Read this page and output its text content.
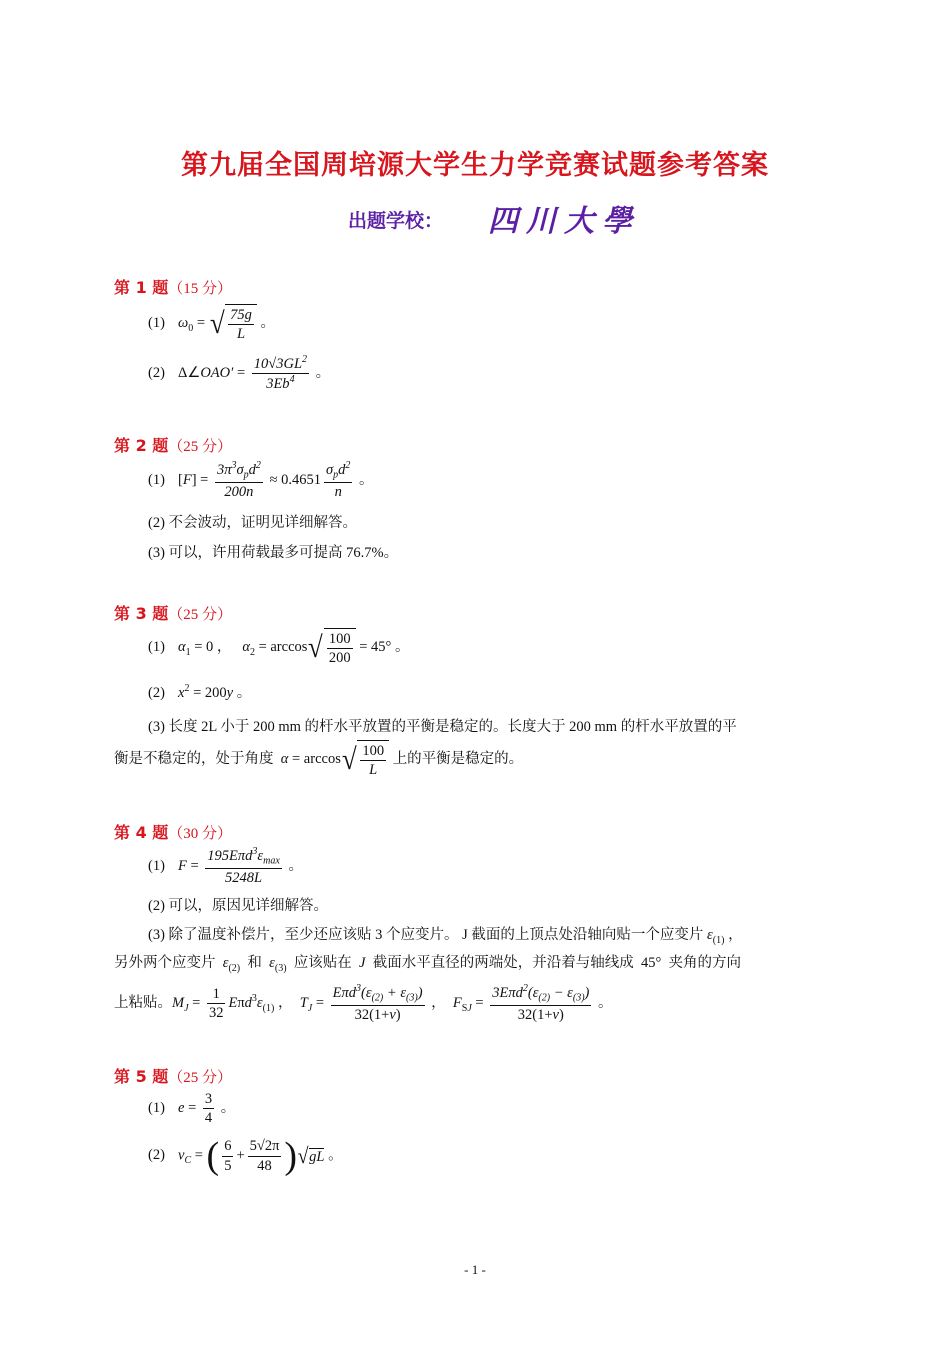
第九届全国周培源大学生力学竞赛试题参考答案
出题学校： 四川大學
第 1 题（15 分）
(1) $\omega_0$ = √ $\frac{75g}{L}$ 。
(2) Δ∠OAO′ = $\frac{10√3GL^2}{3Eb^4}$ 。
第 2 题（25 分）
(1) $[F] = \frac{3\pi^3\sigma_pd^2}{200n} \approx 0.4651 \frac{\sigma_pd^2}{n}$ 。
(2) 不会波动，证明见详细解答。
(3) 可以，许用荷载最多可提高 76.7%。
第 3 题（25 分）
(1) $\alpha_1 = 0$ ，   $\alpha_2 = \arccos√ \frac{100}{200} = 45^\circ$ 。
(2) $x^2 = 200y$ 。
(3) 长度 2L 小于 200 mm 的杆水平放置的平衡是稳定的。长度大于 200 mm 的杆水平放置的平
衡是不稳定的，处于角度 $\alpha = \arccos√ \frac{100}{L}$ 上的平衡是稳定的。
第 4 题（30 分）
(1) $F = \frac{195E\pi d^3\varepsilon_{max}}{5248L}$ 。
(2) 可以，原因见详细解答。
(3) 除了温度补偿片，至少还应该贴 3 个应变片。 J 截面的上顶点处沿轴向贴一个应变片 $\varepsilon_{(1)}$ ，
另外两个应变片  $\varepsilon_{(2)}$  和  $\varepsilon_{(3)}$  应该贴在  J  截面水平直径的两端处，并沿着与轴线成  45°  夹角的方向
上粘贴。$M_J = \frac{1}{32} E\pi d^3\varepsilon_{(1)}$ ，  $T_J = \frac{E\pi d^3(\varepsilon_{(2)} + \varepsilon_{(3)})}{32(1+\nu)}$ ，  $F_{SJ} = \frac{3E\pi d^2(\varepsilon_{(2)} - \varepsilon_{(3)})}{32(1+\nu)}$ 。
第 5 题（25 分）
(1) $e = \frac{3}{4}$ 。
(2) $v_C$ = ( $\frac{6}{5} + \frac{5√2\pi}{48} )√gL$ 。
- 1 -
